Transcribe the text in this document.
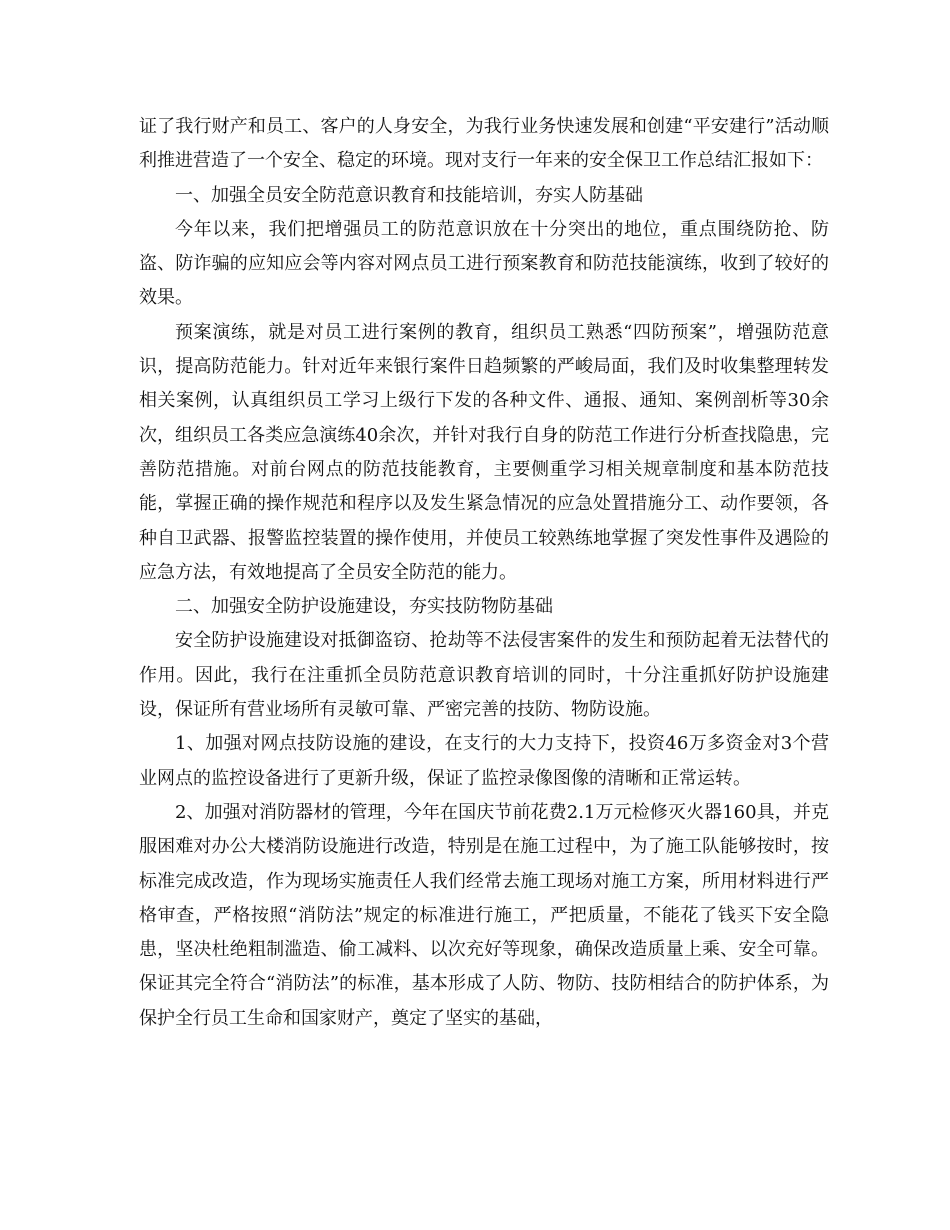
证了我行财产和员工、客户的人身安全，为我行业务快速发展和创建“平安建行”活动顺利推进营造了一个安全、稳定的环境。现对支行一年来的安全保卫工作总结汇报如下：

一、加强全员安全防范意识教育和技能培训，夯实人防基础

今年以来，我们把增强员工的防范意识放在十分突出的地位，重点围绕防抢、防盗、防诈骗的应知应会等内容对网点员工进行预案教育和防范技能演练，收到了较好的效果。

预案演练，就是对员工进行案例的教育，组织员工熟悉“四防预案”，增强防范意识，提高防范能力。针对近年来银行案件日趋频繁的严峻局面，我们及时收集整理转发相关案例，认真组织员工学习上级行下发的各种文件、通报、通知、案例剖析等30余次，组织员工各类应急演练40余次，并针对我行自身的防范工作进行分析查找隐患，完善防范措施。对前台网点的防范技能教育，主要侧重学习相关规章制度和基本防范技能，掌握正确的操作规范和程序以及发生紧急情况的应急处置措施分工、动作要领，各种自卫武器、报警监控装置的操作使用，并使员工较熟练地掌握了突发性事件及遇险的应急方法，有效地提高了全员安全防范的能力。

二、加强安全防护设施建设，夯实技防物防基础

安全防护设施建设对抵御盗窃、抢劫等不法侵害案件的发生和预防起着无法替代的作用。因此，我行在注重抓全员防范意识教育培训的同时，十分注重抓好防护设施建设，保证所有营业场所有灵敏可靠、严密完善的技防、物防设施。

1、加强对网点技防设施的建设，在支行的大力支持下，投资46万多资金对3个营业网点的监控设备进行了更新升级，保证了监控录像图像的清晰和正常运转。

2、加强对消防器材的管理，今年在国庆节前花费2.1万元检修灭火器160具，并克服困难对办公大楼消防设施进行改造，特别是在施工过程中，为了施工队能够按时，按标准完成改造，作为现场实施责任人我们经常去施工现场对施工方案，所用材料进行严格审查，严格按照“消防法”规定的标准进行施工，严把质量，不能花了钱买下安全隐患，坚决杜绝粗制滥造、偷工减料、以次充好等现象，确保改造质量上乘、安全可靠。保证其完全符合“消防法”的标准，基本形成了人防、物防、技防相结合的防护体系，为保护全行员工生命和国家财产，奠定了坚实的基础，
